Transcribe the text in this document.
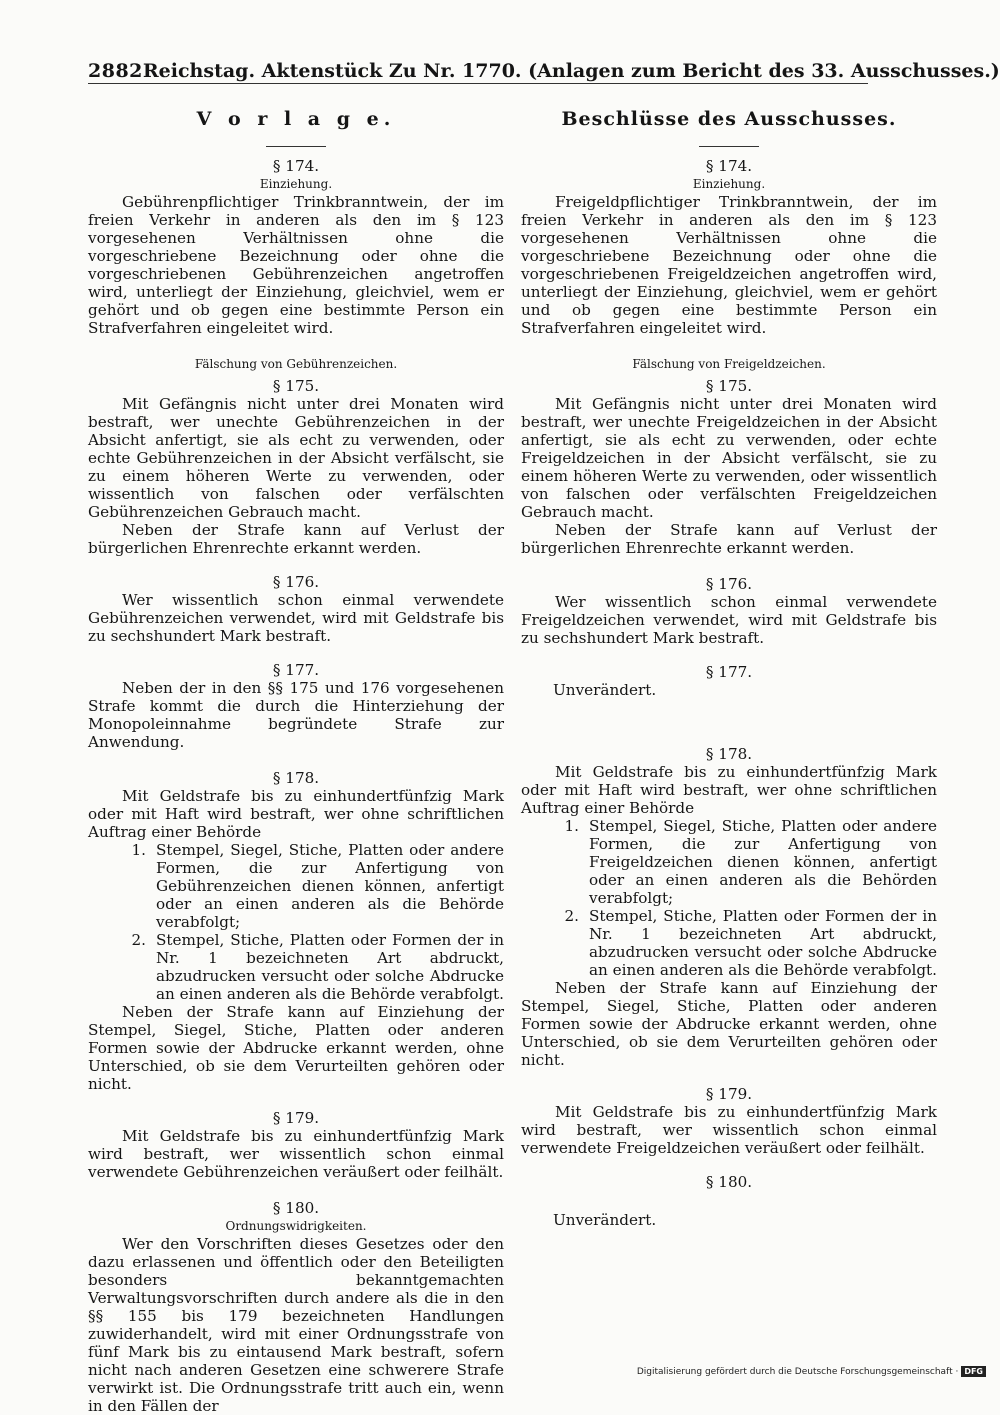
2882 Reichstag. Aktenstück Zu Nr. 1770. (Anlagen zum Bericht des 33. Ausschusses.)
V o r l a g e.

§ 174.

Einziehung.

Gebührenpflichtiger Trinkbranntwein, der im freien Verkehr in anderen als den im § 123 vorgesehenen Verhältnissen ohne die vorgeschriebene Bezeichnung oder ohne die vorgeschriebenen Gebührenzeichen angetroffen wird, unterliegt der Einziehung, gleichviel, wem er gehört und ob gegen eine bestimmte Person ein Strafverfahren eingeleitet wird.

Fälschung von Gebührenzeichen.

§ 175.

Mit Gefängnis nicht unter drei Monaten wird bestraft, wer unechte Gebührenzeichen in der Absicht anfertigt, sie als echt zu verwenden, oder echte Gebührenzeichen in der Absicht verfälscht, sie zu einem höheren Werte zu verwenden, oder wissentlich von falschen oder verfälschten Gebührenzeichen Gebrauch macht.

Neben der Strafe kann auf Verlust der bürgerlichen Ehrenrechte erkannt werden.

§ 176.

Wer wissentlich schon einmal verwendete Gebührenzeichen verwendet, wird mit Geldstrafe bis zu sechshundert Mark bestraft.

§ 177.

Neben der in den §§ 175 und 176 vorgesehenen Strafe kommt die durch die Hinterziehung der Monopoleinnahme begründete Strafe zur Anwendung.

§ 178.

Mit Geldstrafe bis zu einhundertfünfzig Mark oder mit Haft wird bestraft, wer ohne schriftlichen Auftrag einer Behörde

1. Stempel, Siegel, Stiche, Platten oder andere Formen, die zur Anfertigung von Gebührenzeichen dienen können, anfertigt oder an einen anderen als die Behörde verabfolgt;
2. Stempel, Stiche, Platten oder Formen der in Nr. 1 bezeichneten Art abdruckt, abzudrucken versucht oder solche Abdrucke an einen anderen als die Behörde verabfolgt.

Neben der Strafe kann auf Einziehung der Stempel, Siegel, Stiche, Platten oder anderen Formen sowie der Abdrucke erkannt werden, ohne Unterschied, ob sie dem Verurteilten gehören oder nicht.

§ 179.

Mit Geldstrafe bis zu einhundertfünfzig Mark wird bestraft, wer wissentlich schon einmal verwendete Gebührenzeichen veräußert oder feilhält.

§ 180.

Ordnungswidrigkeiten.

Wer den Vorschriften dieses Gesetzes oder den dazu erlassenen und öffentlich oder den Beteiligten besonders bekanntgemachten Verwaltungsvorschriften durch andere als die in den §§ 155 bis 179 bezeichneten Handlungen zuwiderhandelt, wird mit einer Ordnungsstrafe von fünf Mark bis zu eintausend Mark bestraft, sofern nicht nach anderen Gesetzen eine schwerere Strafe verwirkt ist. Die Ordnungsstrafe tritt auch ein, wenn in den Fällen der

Beschlüsse des Ausschusses.

§ 174.

Einziehung.

Freigeldpflichtiger Trinkbranntwein, der im freien Verkehr in anderen als den im § 123 vorgesehenen Verhältnissen ohne die vorgeschriebene Bezeichnung oder ohne die vorgeschriebenen Freigeldzeichen angetroffen wird, unterliegt der Einziehung, gleichviel, wem er gehört und ob gegen eine bestimmte Person ein Strafverfahren eingeleitet wird.

Fälschung von Freigeldzeichen.

§ 175.

Mit Gefängnis nicht unter drei Monaten wird bestraft, wer unechte Freigeldzeichen in der Absicht anfertigt, sie als echt zu verwenden, oder echte Freigeldzeichen in der Absicht verfälscht, sie zu einem höheren Werte zu verwenden, oder wissentlich von falschen oder verfälschten Freigeldzeichen Gebrauch macht.

Neben der Strafe kann auf Verlust der bürgerlichen Ehrenrechte erkannt werden.

§ 176.

Wer wissentlich schon einmal verwendete Freigeldzeichen verwendet, wird mit Geldstrafe bis zu sechshundert Mark bestraft.

§ 177.

Unverändert.

§ 178.

Mit Geldstrafe bis zu einhundertfünfzig Mark oder mit Haft wird bestraft, wer ohne schriftlichen Auftrag einer Behörde

1. Stempel, Siegel, Stiche, Platten oder andere Formen, die zur Anfertigung von Freigeldzeichen dienen können, anfertigt oder an einen anderen als die Behörden verabfolgt;
2. Stempel, Stiche, Platten oder Formen der in Nr. 1 bezeichneten Art abdruckt, abzudrucken versucht oder solche Abdrucke an einen anderen als die Behörde verabfolgt.

Neben der Strafe kann auf Einziehung der Stempel, Siegel, Stiche, Platten oder anderen Formen sowie der Abdrucke erkannt werden, ohne Unterschied, ob sie dem Verurteilten gehören oder nicht.

§ 179.

Mit Geldstrafe bis zu einhundertfünfzig Mark wird bestraft, wer wissentlich schon einmal verwendete Freigeldzeichen veräußert oder feilhält.

§ 180.

Unverändert.

Digitalisierung gefördert durch die Deutsche Forschungsgemeinschaft · DFG
